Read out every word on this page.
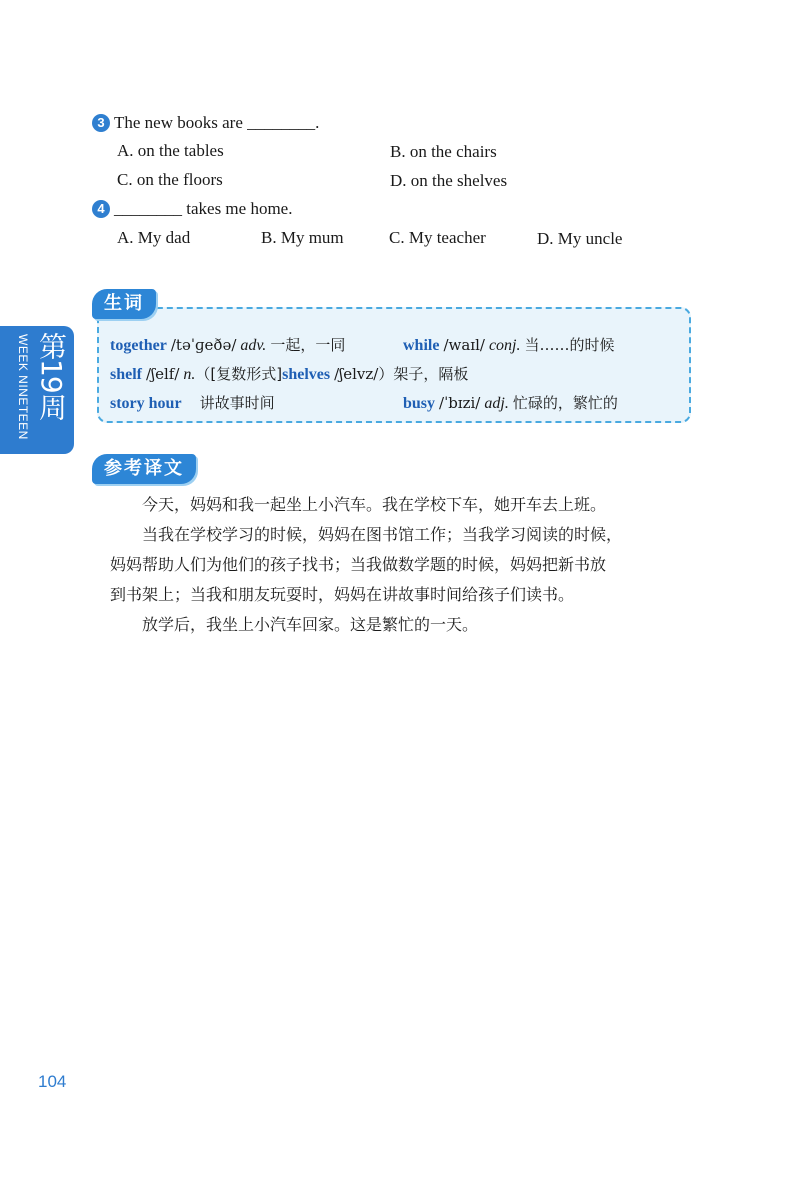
3 The new books are ________.
A. on the tables	B. on the chairs
C. on the floors	D. on the shelves
4 ________ takes me home.
A. My dad	B. My mum	C. My teacher	D. My uncle
WEEK NINETEEN 第19周
生词
together /təˈɡeðə/ adv. 一起，一同	while /waɪl/ conj. 当……的时候
shelf /ʃelf/ n.（[复数形式]shelves /ʃelvz/）架子，隔板
story hour 讲故事时间	busy /ˈbɪzi/ adj. 忙碌的，繁忙的
参考译文
今天，妈妈和我一起坐上小汽车。我在学校下车，她开车去上班。
当我在学校学习的时候，妈妈在图书馆工作；当我学习阅读的时候，
妈妈帮助人们为他们的孩子找书；当我做数学题的时候，妈妈把新书放
到书架上；当我和朋友玩耍时，妈妈在讲故事时间给孩子们读书。
放学后，我坐上小汽车回家。这是繁忙的一天。
104
